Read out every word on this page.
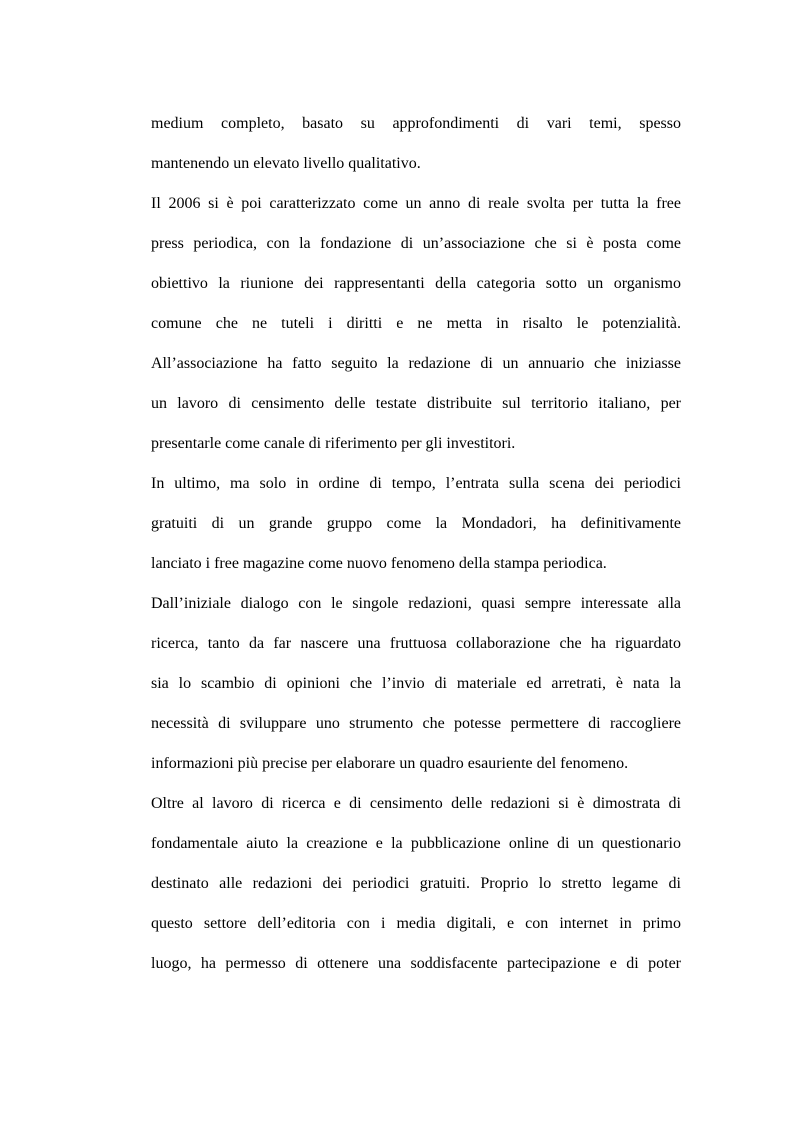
medium completo, basato su approfondimenti di vari temi, spesso
mantenendo un elevato livello qualitativo.
Il 2006 si è poi caratterizzato come un anno di reale svolta per tutta la free
press periodica, con la fondazione di un’associazione che si è posta come
obiettivo la riunione dei rappresentanti della categoria sotto un organismo
comune che ne tuteli i diritti e ne metta in risalto le potenzialità.
All’associazione ha fatto seguito la redazione di un annuario che iniziasse
un lavoro di censimento delle testate distribuite sul territorio italiano, per
presentarle come canale di riferimento per gli investitori.
In ultimo, ma solo in ordine di tempo, l’entrata sulla scena dei periodici
gratuiti di un grande gruppo come la Mondadori, ha definitivamente
lanciato i free magazine come nuovo fenomeno della stampa periodica.
Dall’iniziale dialogo con le singole redazioni, quasi sempre interessate alla
ricerca, tanto da far nascere una fruttuosa collaborazione che ha riguardato
sia lo scambio di opinioni che l’invio di materiale ed arretrati, è nata la
necessità di sviluppare uno strumento che potesse permettere di raccogliere
informazioni più precise per elaborare un quadro esauriente del fenomeno.
Oltre al lavoro di ricerca e di censimento delle redazioni si è dimostrata di
fondamentale aiuto la creazione e la pubblicazione online di un questionario
destinato alle redazioni dei periodici gratuiti. Proprio lo stretto legame di
questo settore dell’editoria con i media digitali, e con internet in primo
luogo, ha permesso di ottenere una soddisfacente partecipazione e di poter
